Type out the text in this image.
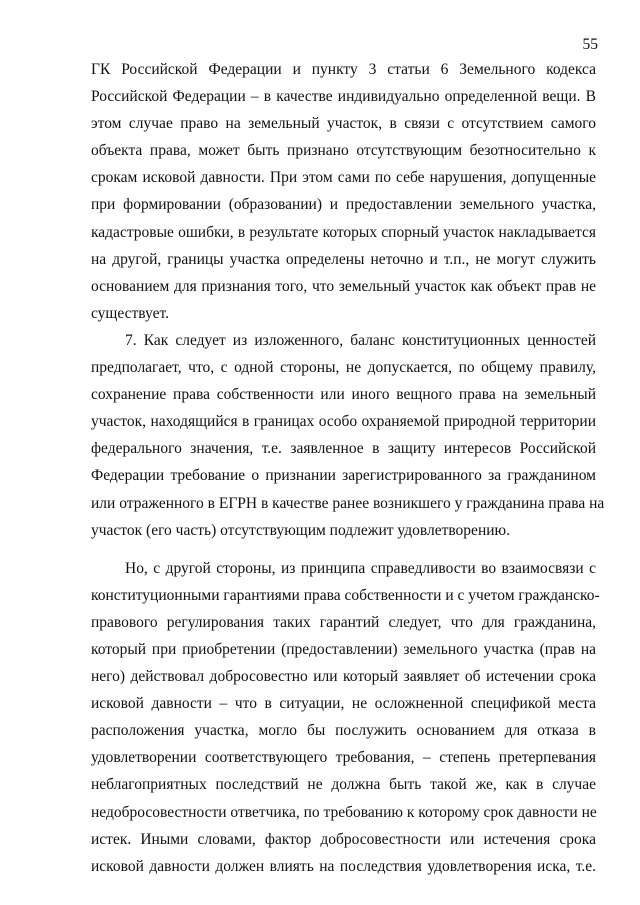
55

ГК Российской Федерации и пункту 3 статьи 6 Земельного кодекса
Российской Федерации – в качестве индивидуально определенной вещи. В
этом случае право на земельный участок, в связи с отсутствием самого
объекта права, может быть признано отсутствующим безотносительно к
срокам исковой давности. При этом сами по себе нарушения, допущенные
при формировании (образовании) и предоставлении земельного участка,
кадастровые ошибки, в результате которых спорный участок накладывается
на другой, границы участка определены неточно и т.п., не могут служить
основанием для признания того, что земельный участок как объект прав не
существует.
7. Как следует из изложенного, баланс конституционных ценностей
предполагает, что, с одной стороны, не допускается, по общему правилу,
сохранение права собственности или иного вещного права на земельный
участок, находящийся в границах особо охраняемой природной территории
федерального значения, т.е. заявленное в защиту интересов Российской
Федерации требование о признании зарегистрированного за гражданином
или отраженного в ЕГРН в качестве ранее возникшего у гражданина права на
участок (его часть) отсутствующим подлежит удовлетворению.
Но, с другой стороны, из принципа справедливости во взаимосвязи с
конституционными гарантиями права собственности и с учетом гражданско-
правового регулирования таких гарантий следует, что для гражданина,
который при приобретении (предоставлении) земельного участка (прав на
него) действовал добросовестно или который заявляет об истечении срока
исковой давности – что в ситуации, не осложненной спецификой места
расположения участка, могло бы послужить основанием для отказа в
удовлетворении соответствующего требования, – степень претерпевания
неблагоприятных последствий не должна быть такой же, как в случае
недобросовестности ответчика, по требованию к которому срок давности не
истек. Иными словами, фактор добросовестности или истечения срока
исковой давности должен влиять на последствия удовлетворения иска, т.е.
